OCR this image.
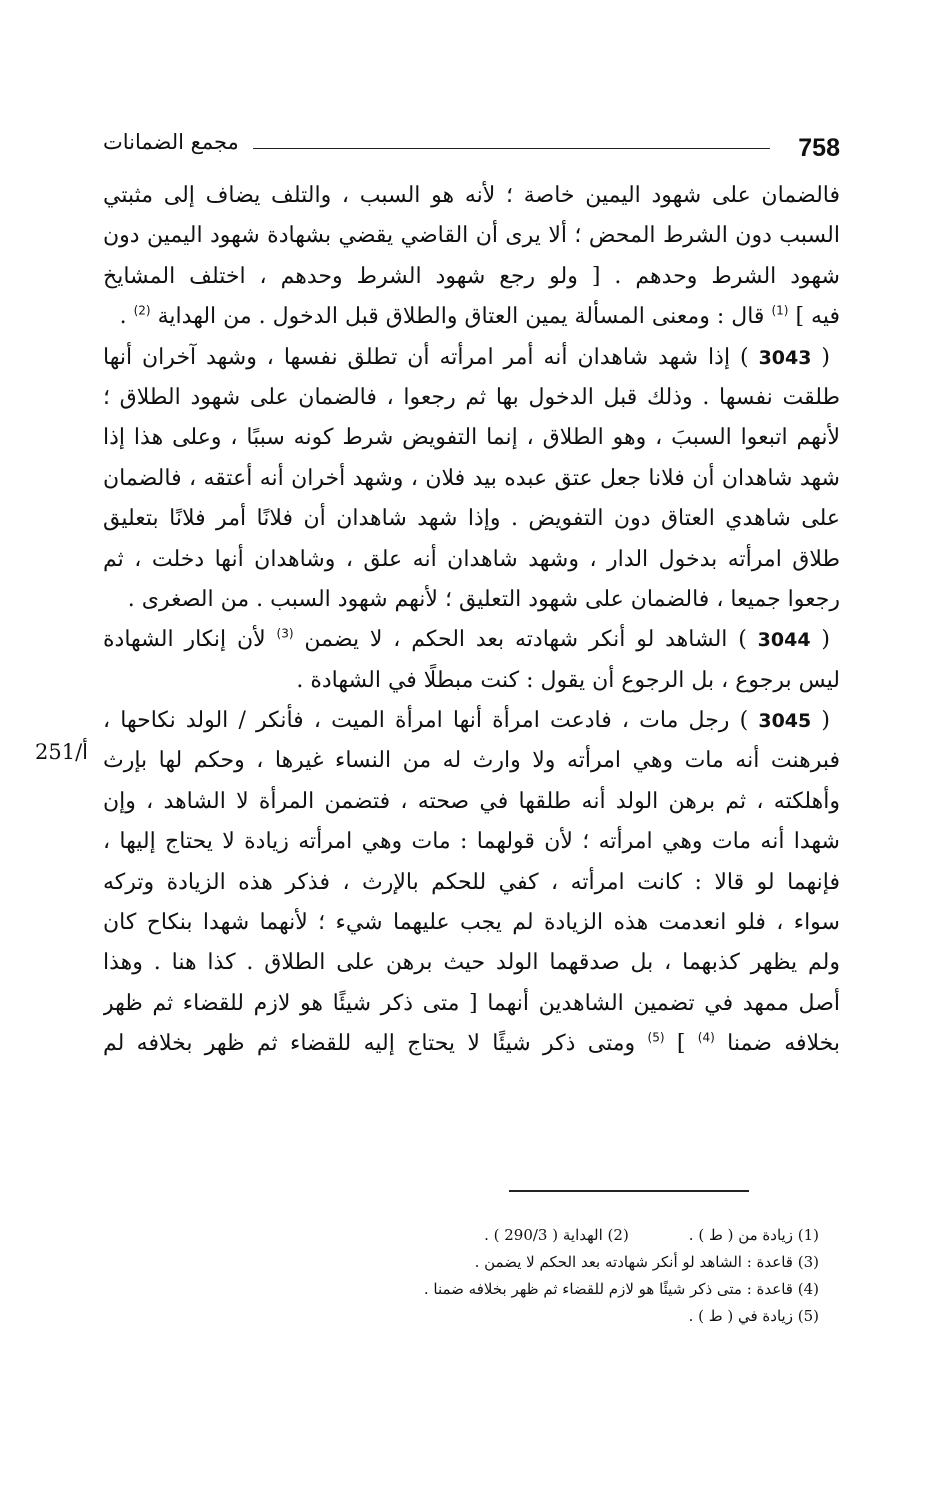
758
مجمع الضمانات
251/أ
فالضمان على شهود اليمين خاصة ؛ لأنه هو السبب ، والتلف يضاف إلى مثبتي
السبب دون الشرط المحض ؛ ألا يرى أن القاضي يقضي بشهادة شهود اليمين دون
شهود الشرط وحدهم . [ ولو رجع شهود الشرط وحدهم ، اختلف المشايخ
فيه ] $^{(1)}$ قال : ومعنى المسألة يمين العتاق والطلاق قبل الدخول . من الهداية $^{(2)}$ .
( 3043 ) إذا شهد شاهدان أنه أمر امرأته أن تطلق نفسها ، وشهد آخران أنها
طلقت نفسها . وذلك قبل الدخول بها ثم رجعوا ، فالضمان على شهود الطلاق ؛
لأنهم اتبعوا السببَ ، وهو الطلاق ، إنما التفويض شرط كونه سببًا ، وعلى هذا إذا
شهد شاهدان أن فلانا جعل عتق عبده بيد فلان ، وشهد أخران أنه أعتقه ، فالضمان
على شاهدي العتاق دون التفويض . وإذا شهد شاهدان أن فلانًا أمر فلانًا بتعليق
طلاق امرأته بدخول الدار ، وشهد شاهدان أنه علق ، وشاهدان أنها دخلت ، ثم
رجعوا جميعا ، فالضمان على شهود التعليق ؛ لأنهم شهود السبب . من الصغرى .
( 3044 ) الشاهد لو أنكر شهادته بعد الحكم ، لا يضمن $^{(3)}$ لأن إنكار الشهادة
ليس برجوع ، بل الرجوع أن يقول : كنت مبطلًا في الشهادة .
( 3045 ) رجل مات ، فادعت امرأة أنها امرأة الميت ، فأنكر / الولد نكاحها ،
فبرهنت أنه مات وهي امرأته ولا وارث له من النساء غيرها ، وحكم لها بإرث
وأهلكته ، ثم برهن الولد أنه طلقها في صحته ، فتضمن المرأة لا الشاهد ، وإن
شهدا أنه مات وهي امرأته ؛ لأن قولهما : مات وهي امرأته زيادة لا يحتاج إليها ،
فإنهما لو قالا : كانت امرأته ، كفي للحكم بالإرث ، فذكر هذه الزيادة وتركه
سواء ، فلو انعدمت هذه الزيادة لم يجب عليهما شيء ؛ لأنهما شهدا بنكاح كان
ولم يظهر كذبهما ، بل صدقهما الولد حيث برهن على الطلاق . كذا هنا . وهذا
أصل ممهد في تضمين الشاهدين أنهما [ متى ذكر شيئًا هو لازم للقضاء ثم ظهر
بخلافه ضمنا $^{(4)}$ ] $^{(5)}$ ومتى ذكر شيئًا لا يحتاج إليه للقضاء ثم ظهر بخلافه لم
(1) زيادة من ( ط ) .(2) الهداية ( 290/3 ) .
(3) قاعدة : الشاهد لو أنكر شهادته بعد الحكم لا يضمن .
(4) قاعدة : متى ذكر شيئًا هو لازم للقضاء ثم ظهر بخلافه ضمنا .
(5) زيادة في ( ط ) .
